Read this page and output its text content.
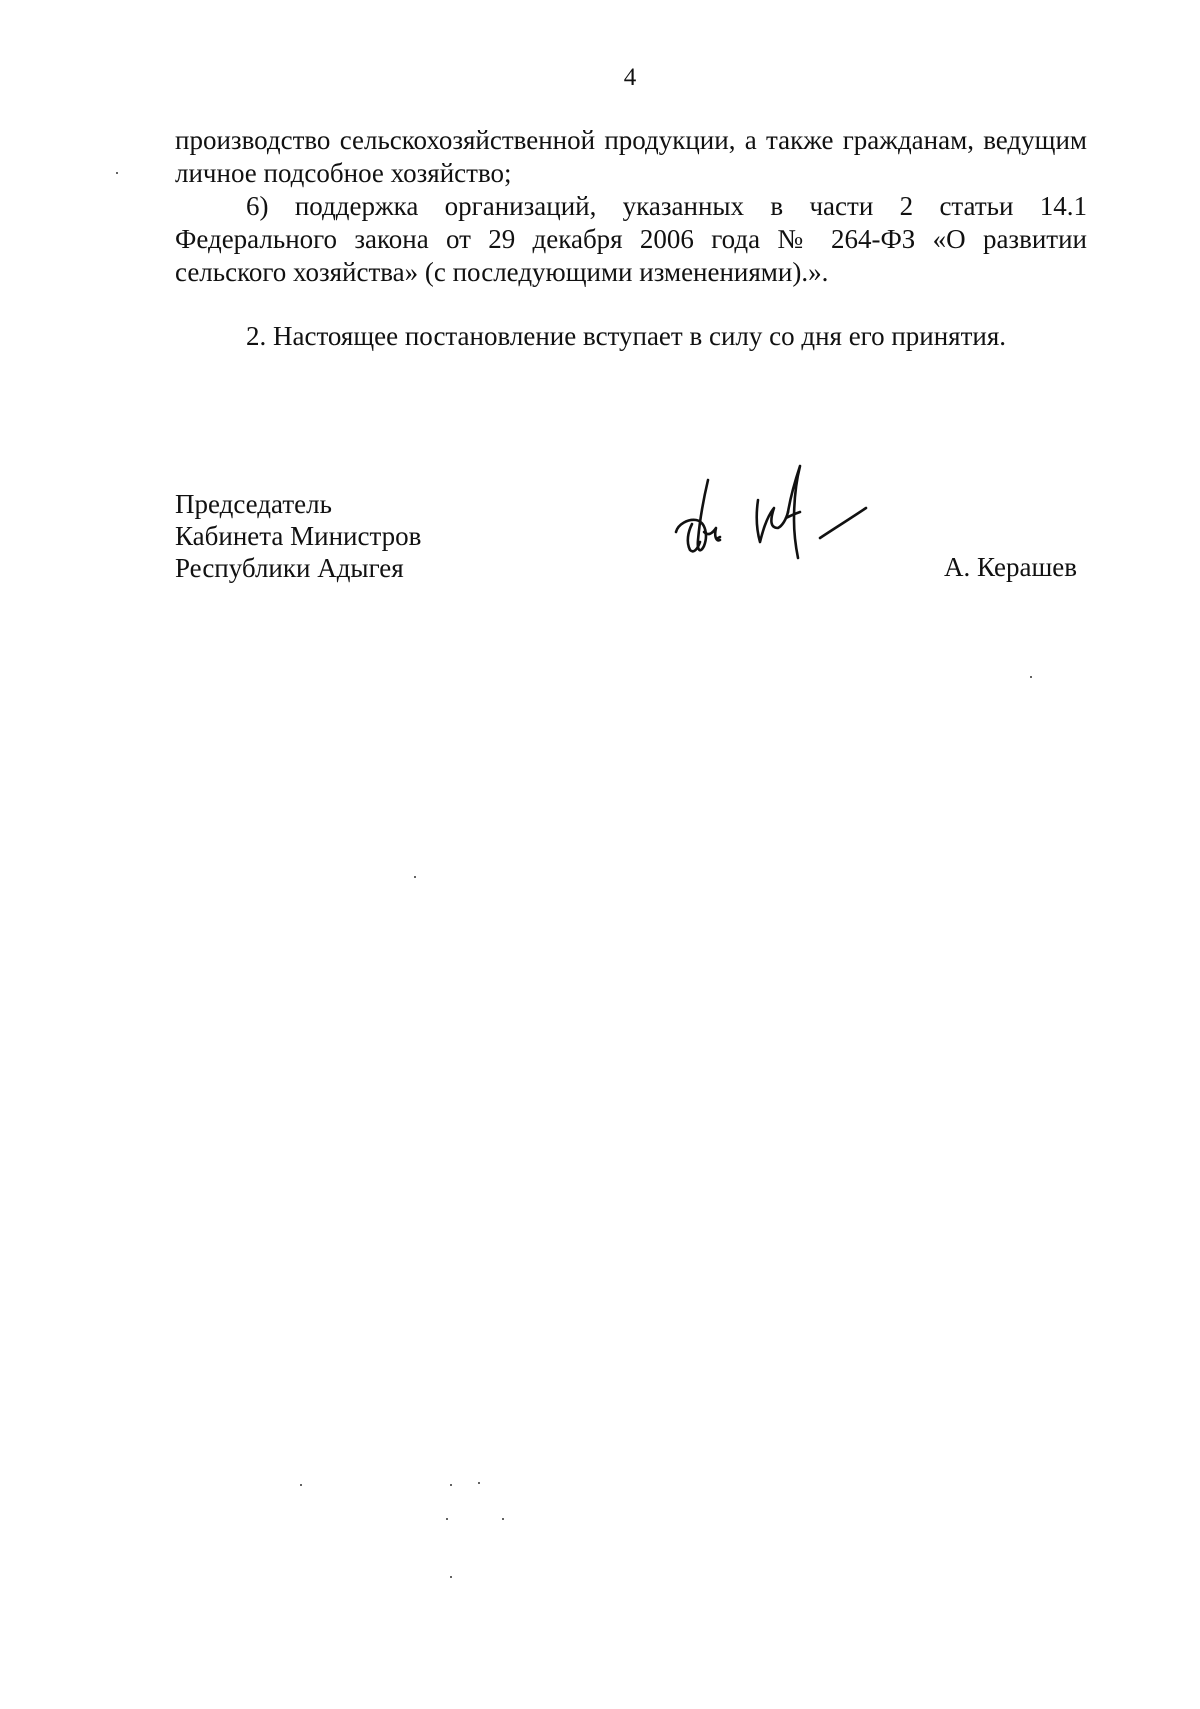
4

производство сельскохозяйственной продукции, а также гражданам, ведущим личное подсобное хозяйство;

6) поддержка организаций, указанных в части 2 статьи 14.1 Федерального закона от 29 декабря 2006 года № 264-ФЗ «О развитии сельского хозяйства» (с последующими изменениями).».

2. Настоящее постановление вступает в силу со дня его принятия.

Председатель
Кабинета Министров
Республики Адыгея	А. Керашев
